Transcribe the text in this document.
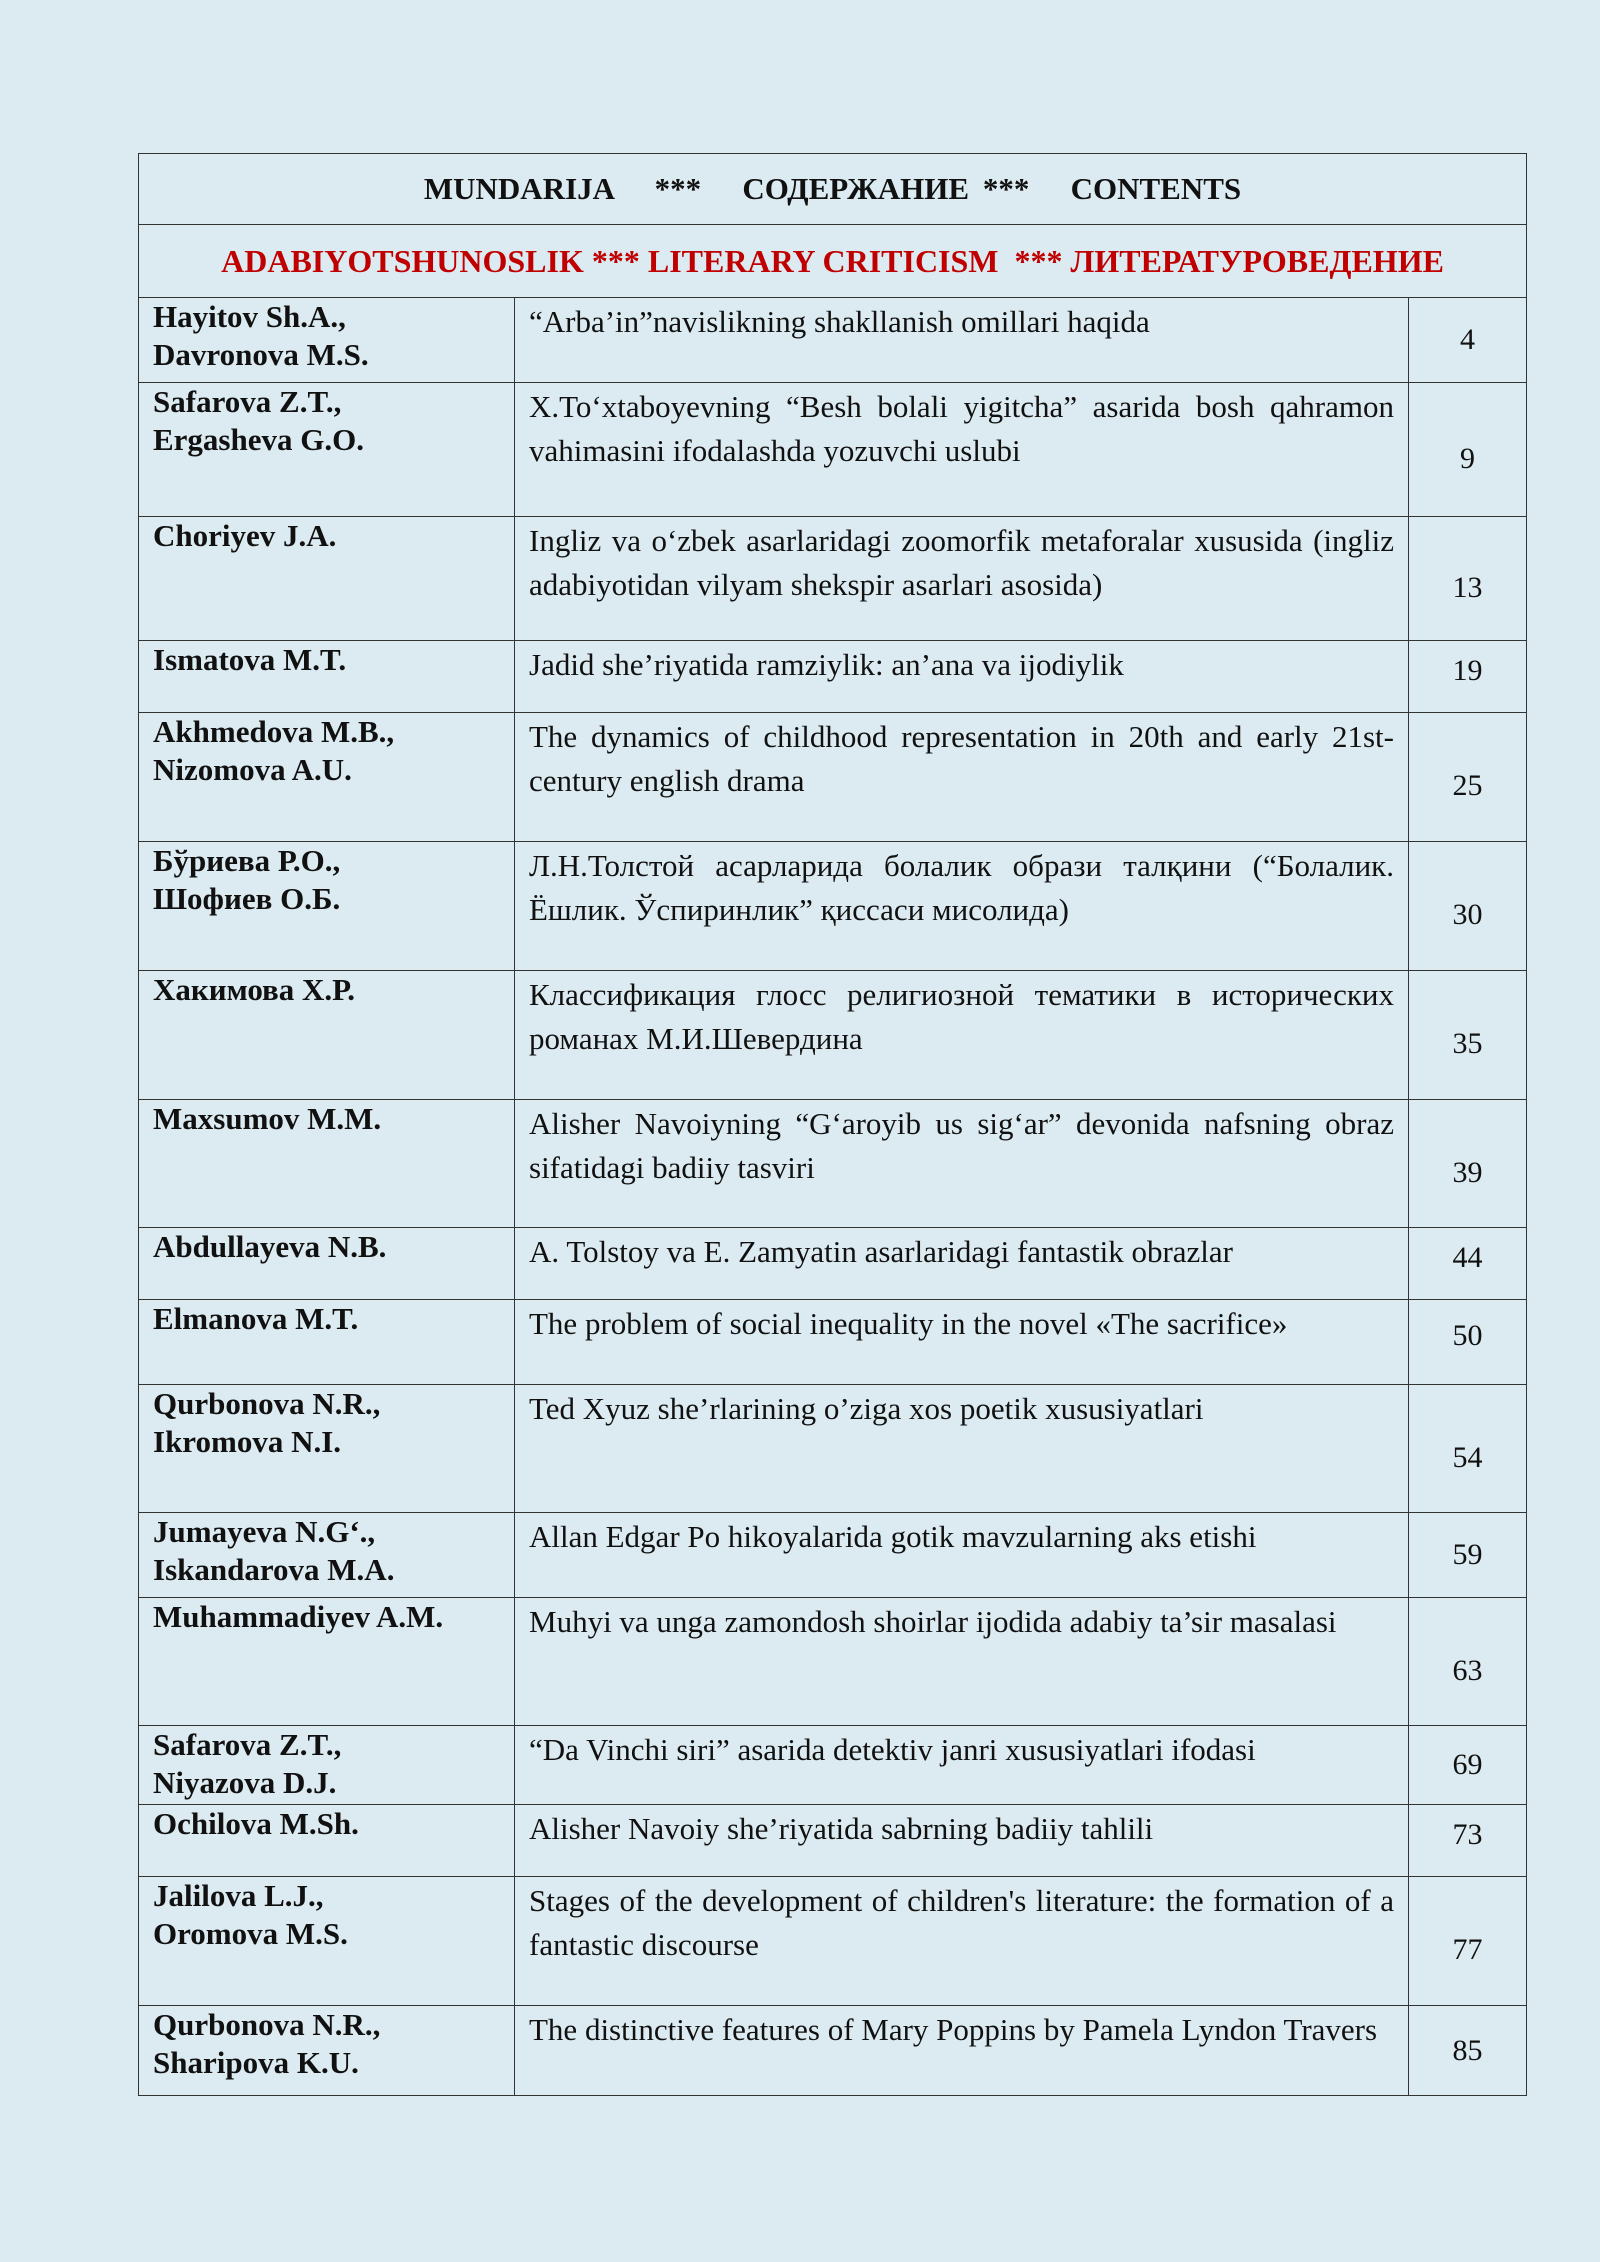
MUNDARIJA *** СОДЕРЖАНИЕ *** CONTENTS		
ADABIYOTSHUNOSLIK *** LITERARY CRITICISM *** ЛИТЕРАТУРОВЕДЕНИЕ		

Hayitov Sh.A.,
Davronova M.S.	“Arba’in”navislikning shakllanish omillari haqida	4

Safarova Z.T.,
Ergasheva G.O.	X.To‘xtaboyevning “Besh bolali yigitcha” asarida bosh qahramon vahimasini ifodalashda yozuvchi uslubi	9

Choriyev J.A.	Ingliz va o‘zbek asarlaridagi zoomorfik metaforalar xususida (ingliz adabiyotidan vilyam shekspir asarlari asosida)	13

Ismatova M.T.	Jadid she’riyatida ramziylik: an’ana va ijodiylik	19

Akhmedova M.B.,
Nizomova A.U.	The dynamics of childhood representation in 20th and early 21st-century english drama	25

Бўриева Р.О.,
Шофиев О.Б.	Л.Н.Толстой асарларида болалик образи талқини (“Болалик. Ёшлик. Ўспиринлик” қиссаси мисолида)	30

Хакимова Х.Р.	Классификация глосс религиозной тематики в исторических романах М.И.Шевердина	35

Maxsumov M.M.	Alisher Navoiyning “G‘aroyib us sig‘ar” devonida nafsning obraz sifatidagi badiiy tasviri	39

Abdullayeva N.B.	A. Tolstoy va E. Zamyatin asarlaridagi fantastik obrazlar	44

Elmanova M.T.	The problem of social inequality in the novel «The sacrifice»	50

Qurbonova N.R.,
Ikromova N.I.	Ted Xyuz she’rlarining o’ziga xos poetik xususiyatlari	54

Jumayeva N.G‘.,
Iskandarova M.A.	Allan Edgar Po hikoyalarida gotik mavzularning aks etishi	59

Muhammadiyev A.M.	Muhyi va unga zamondosh shoirlar ijodida adabiy ta’sir masalasi	63

Safarova Z.T.,
Niyazova D.J.	“Da Vinchi siri” asarida detektiv janri xususiyatlari ifodasi	69

Ochilova M.Sh.	Alisher Navoiy she’riyatida sabrning badiiy tahlili	73

Jalilova L.J.,
Oromova M.S.	Stages of the development of children's literature: the formation of a fantastic discourse	77

Qurbonova N.R.,
Sharipova K.U.	The distinctive features of Mary Poppins by Pamela Lyndon Travers	85
